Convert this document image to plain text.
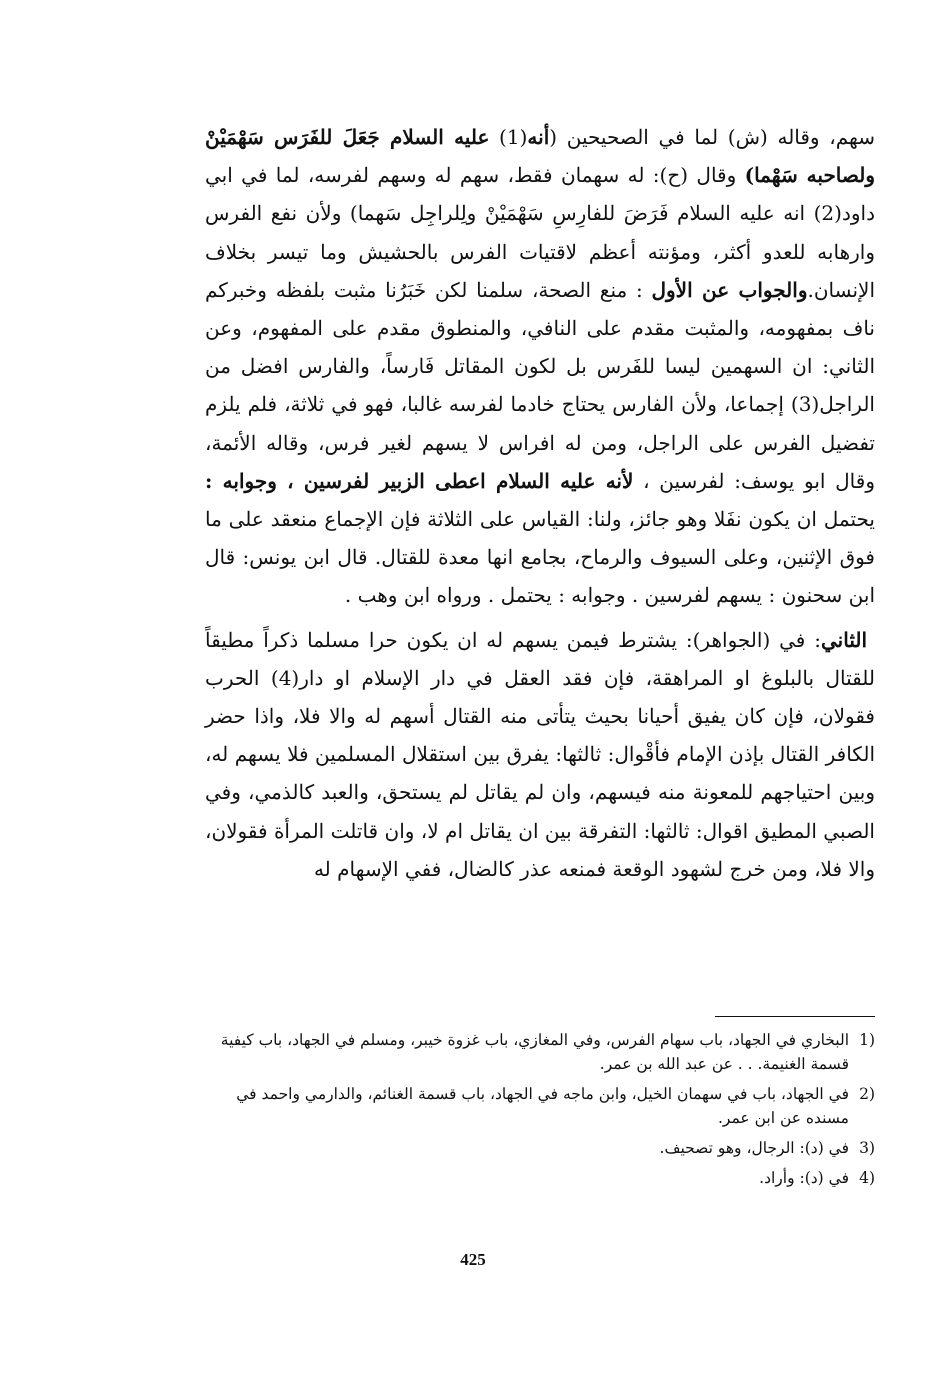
سهم، وقاله (ش) لما في الصحيحين (أنه(1) عليه السلام جَعَلَ للفَرَس سَهْمَيْنْ ولصاحبه سَهْما) وقال (ح): له سهمان فقط، سهم له وسهم لفرسه، لما في ابي داود(2) انه عليه السلام فَرَضَ للفارِسِ سَهْمَيْنْ ولِلراجِل سَهما) ولأن نفع الفرس وارهابه للعدو أكثر، ومؤنته أعظم لاقتيات الفرس بالحشيش وما تيسر بخلاف الإنسان.والجواب عن الأول : منع الصحة، سلمنا لكن خَبَرُنا مثبت بلفظه وخبركم ناف بمفهومه، والمثبت مقدم على النافي، والمنطوق مقدم على المفهوم، وعن الثاني: ان السهمين ليسا للفَرس بل لكون المقاتل فَارساً، والفارس افضل من الراجل(3) إجماعا، ولأن الفارس يحتاج خادما لفرسه غالبا، فهو في ثلاثة، فلم يلزم تفضيل الفرس على الراجل، ومن له افراس لا يسهم لغير فرس، وقاله الأئمة، وقال ابو يوسف: لفرسين ، لأنه عليه السلام اعطى الزبير لفرسين ، وجوابه : يحتمل ان يكون نفَلا وهو جائز، ولنا: القياس على الثلاثة فإن الإجماع منعقد على ما فوق الإثنين، وعلى السيوف والرماح، بجامع انها معدة للقتال. قال ابن يونس: قال ابن سحنون : يسهم لفرسين . وجوابه : يحتمل . ورواه ابن وهب .

الثاني: في (الجواهر): يشترط فيمن يسهم له ان يكون حرا مسلما ذكراً مطيقاً للقتال بالبلوغ او المراهقة، فإن فقد العقل في دار الإسلام او دار(4) الحرب فقولان، فإن كان يفيق أحيانا بحيث يتأتى منه القتال أسهم له والا فلا، واذا حضر الكافر القتال بإذن الإمام فأقْوال: ثالثها: يفرق بين استقلال المسلمين فلا يسهم له، وبين احتياجهم للمعونة منه فيسهم، وان لم يقاتل لم يستحق، والعبد كالذمي، وفي الصبي المطيق اقوال: ثالثها: التفرقة بين ان يقاتل ام لا، وان قاتلت المرأة فقولان، والا فلا، ومن خرج لشهود الوقعة فمنعه عذر كالضال، ففي الإسهام له

1)
البخاري في الجهاد، باب سهام الفرس، وفي المغازي، باب غزوة خيبر، ومسلم في الجهاد، باب كيفية قسمة الغنيمة. . . عن عبد الله بن عمر.
2)
في الجهاد، باب في سهمان الخيل، وابن ماجه في الجهاد، باب قسمة الغنائم، والدارمي واحمد في مسنده عن ابن عمر.
3)
في (د): الرجال، وهو تصحيف.
4)
في (د): وأراد.
425
